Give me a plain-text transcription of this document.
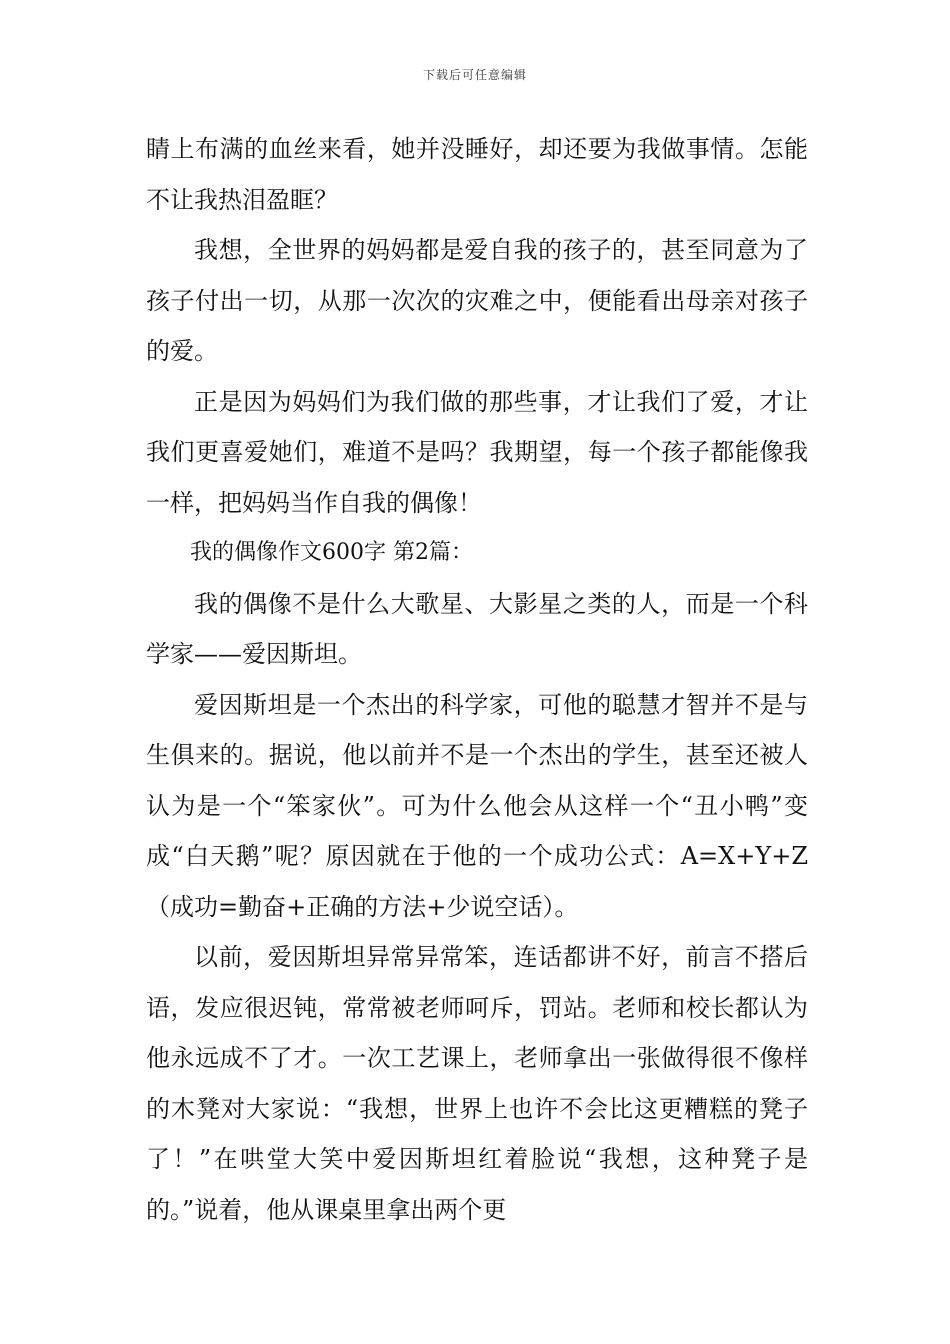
下载后可任意编辑

睛上布满的血丝来看，她并没睡好，却还要为我做事情。怎能不让我热泪盈眶？

我想，全世界的妈妈都是爱自我的孩子的，甚至同意为了孩子付出一切，从那一次次的灾难之中，便能看出母亲对孩子的爱。

正是因为妈妈们为我们做的那些事，才让我们了爱，才让我们更喜爱她们，难道不是吗？我期望，每一个孩子都能像我一样，把妈妈当作自我的偶像！

我的偶像作文600字 第2篇：

我的偶像不是什么大歌星、大影星之类的人，而是一个科学家——爱因斯坦。

爱因斯坦是一个杰出的科学家，可他的聪慧才智并不是与生俱来的。据说，他以前并不是一个杰出的学生，甚至还被人认为是一个“笨家伙”。可为什么他会从这样一个“丑小鸭”变成“白天鹅”呢？原因就在于他的一个成功公式：A=X+Y+Z（成功=勤奋+正确的方法+少说空话）。

以前，爱因斯坦异常异常笨，连话都讲不好，前言不搭后语，发应很迟钝，常常被老师呵斥，罚站。老师和校长都认为他永远成不了才。一次工艺课上，老师拿出一张做得很不像样的木凳对大家说：“我想，世界上也许不会比这更糟糕的凳子了！”在哄堂大笑中爱因斯坦红着脸说“我想，这种凳子是的。”说着，他从课桌里拿出两个更
